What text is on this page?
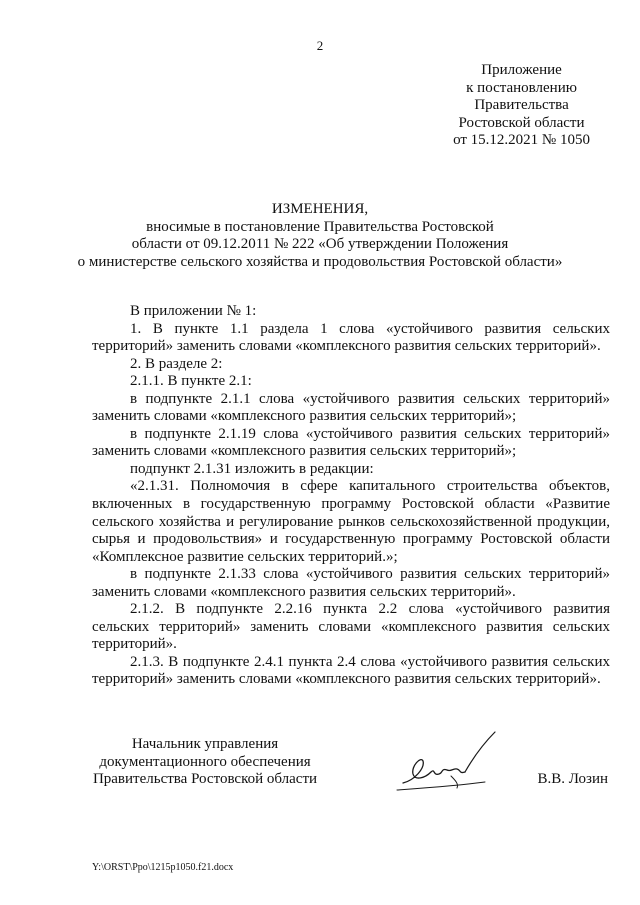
2
Приложение
к постановлению
Правительства
Ростовской области
от 15.12.2021 № 1050
ИЗМЕНЕНИЯ,
вносимые в постановление Правительства Ростовской
области от 09.12.2011 № 222 «Об утверждении Положения
о министерстве сельского хозяйства и продовольствия Ростовской области»

В приложении № 1:

1. В пункте 1.1 раздела 1 слова «устойчивого развития сельских территорий» заменить словами «комплексного развития сельских территорий».

2. В разделе 2:

2.1.1. В пункте 2.1:

в подпункте 2.1.1 слова «устойчивого развития сельских территорий» заменить словами «комплексного развития сельских территорий»;

в подпункте 2.1.19 слова «устойчивого развития сельских территорий» заменить словами «комплексного развития сельских территорий»;

подпункт 2.1.31 изложить в редакции:

«2.1.31. Полномочия в сфере капитального строительства объектов, включенных в государственную программу Ростовской области «Развитие сельского хозяйства и регулирование рынков сельскохозяйственной продукции, сырья и продовольствия» и государственную программу Ростовской области «Комплексное развитие сельских территорий.»;

в подпункте 2.1.33 слова «устойчивого развития сельских территорий» заменить словами «комплексного развития сельских территорий».

2.1.2. В подпункте 2.2.16 пункта 2.2 слова «устойчивого развития сельских территорий» заменить словами «комплексного развития сельских территорий».

2.1.3. В подпункте 2.4.1 пункта 2.4 слова «устойчивого развития сельских территорий» заменить словами «комплексного развития сельских территорий».

Начальник управления
документационного обеспечения
Правительства Ростовской области	В.В. Лозин
Y:\ORST\Ppo\1215p1050.f21.docx
